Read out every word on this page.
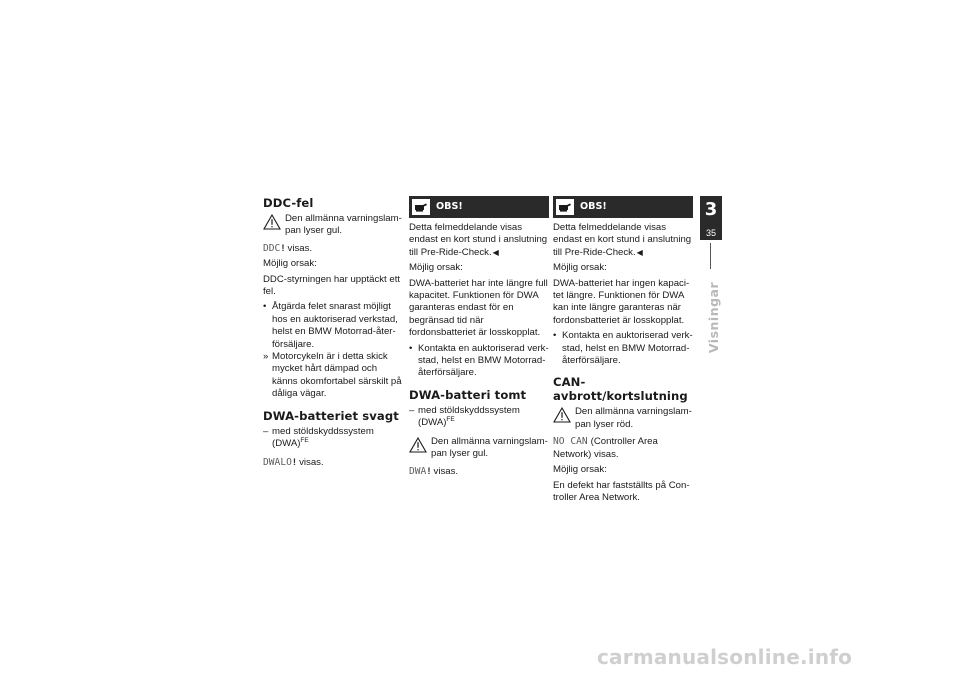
DDC-fel
Den allmänna varningslampan lyser gul.

DDC! visas.

Möjlig orsak:

DDC-styrningen har upptäckt ett fel.

• Åtgärda felet snarast möjligt hos en auktoriserad verkstad, helst en BMW Motorrad-återförsäljare.
» Motorcykeln är i detta skick mycket hårt dämpad och känns okomfortabel särskilt på dåliga vägar.
DWA-batteriet svagt
– med stöldskyddssystem (DWA)$^{FE}$

DWALO! visas.

OBS!

Detta felmeddelande visas endast en kort stund i anslutning till Pre-Ride-Check.◀

Möjlig orsak:

DWA-batteriet har inte längre full kapacitet. Funktionen för DWA garanteras endast för en begränsad tid när fordonsbatteriet är losskopplat.

• Kontakta en auktoriserad verkstad, helst en BMW Motorrad-återförsäljare.
DWA-batteri tomt
– med stöldskyddssystem (DWA)$^{FE}$
Den allmänna varningslampan lyser gul.

DWA! visas.

OBS!

Detta felmeddelande visas endast en kort stund i anslutning till Pre-Ride-Check.◀

Möjlig orsak:

DWA-batteriet har ingen kapacitet längre. Funktionen för DWA kan inte längre garanteras när fordonsbatteriet är losskopplat.

• Kontakta en auktoriserad verkstad, helst en BMW Motorrad-återförsäljare.
CAN-avbrott/kortslutning
Den allmänna varningslampan lyser röd.

NO CAN (Controller Area Network) visas.

Möjlig orsak:

En defekt har fastställts på Controller Area Network.

3
35
Visningar
carmanualsonline.info
